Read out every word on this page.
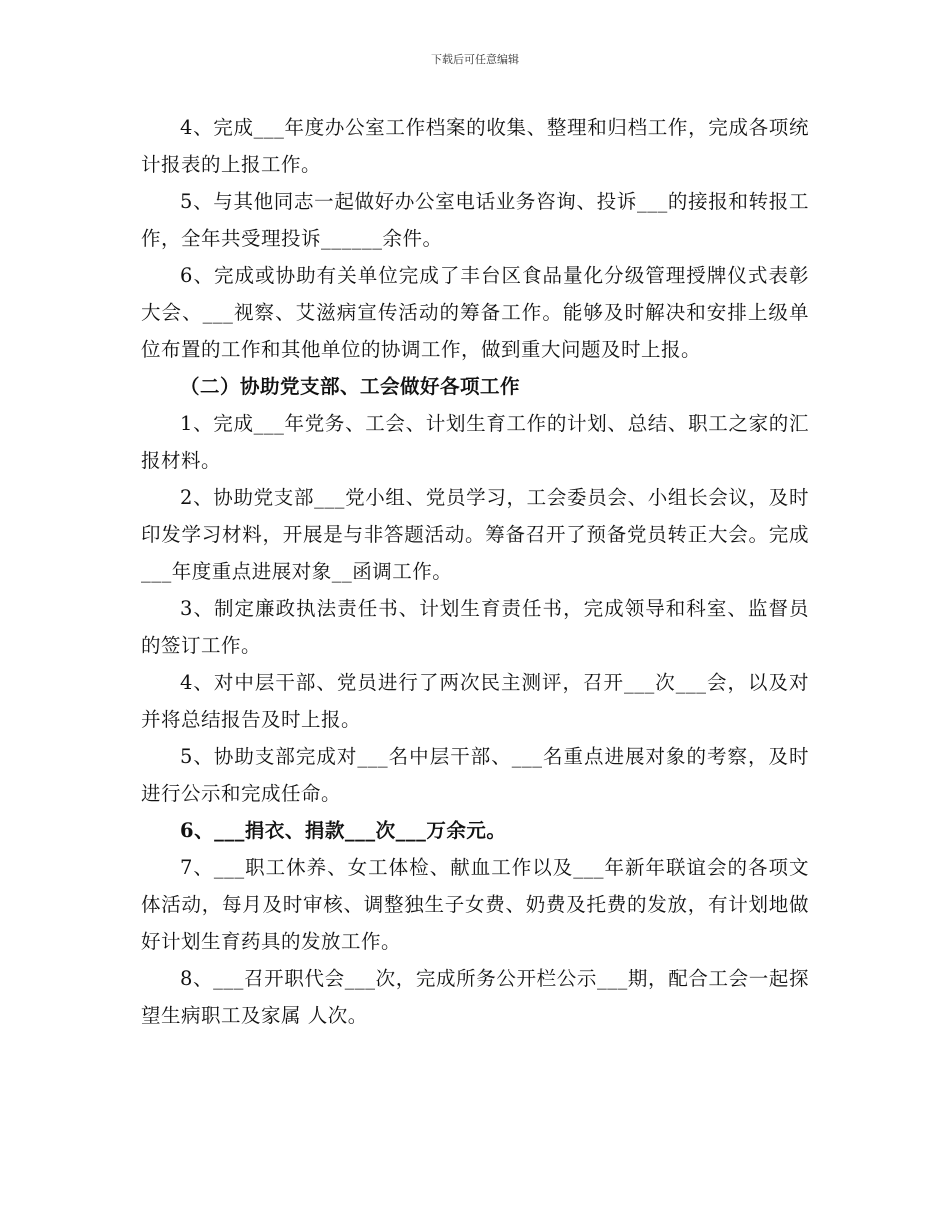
下载后可任意编辑

4、完成___年度办公室工作档案的收集、整理和归档工作，完成各项统计报表的上报工作。

5、与其他同志一起做好办公室电话业务咨询、投诉___的接报和转报工作，全年共受理投诉______余件。

6、完成或协助有关单位完成了丰台区食品量化分级管理授牌仪式表彰大会、___视察、艾滋病宣传活动的筹备工作。能够及时解决和安排上级单位布置的工作和其他单位的协调工作，做到重大问题及时上报。

（二）协助党支部、工会做好各项工作

1、完成___年党务、工会、计划生育工作的计划、总结、职工之家的汇报材料。

2、协助党支部___党小组、党员学习，工会委员会、小组长会议，及时印发学习材料，开展是与非答题活动。筹备召开了预备党员转正大会。完成___年度重点进展对象__函调工作。

3、制定廉政执法责任书、计划生育责任书，完成领导和科室、监督员的签订工作。

4、对中层干部、党员进行了两次民主测评，召开___次___会，以及对并将总结报告及时上报。

5、协助支部完成对___名中层干部、___名重点进展对象的考察，及时进行公示和完成任命。

6、___捐衣、捐款___次___万余元。

7、___职工休养、女工体检、献血工作以及___年新年联谊会的各项文体活动，每月及时审核、调整独生子女费、奶费及托费的发放，有计划地做好计划生育药具的发放工作。

8、___召开职代会___次，完成所务公开栏公示___期，配合工会一起探望生病职工及家属 人次。
